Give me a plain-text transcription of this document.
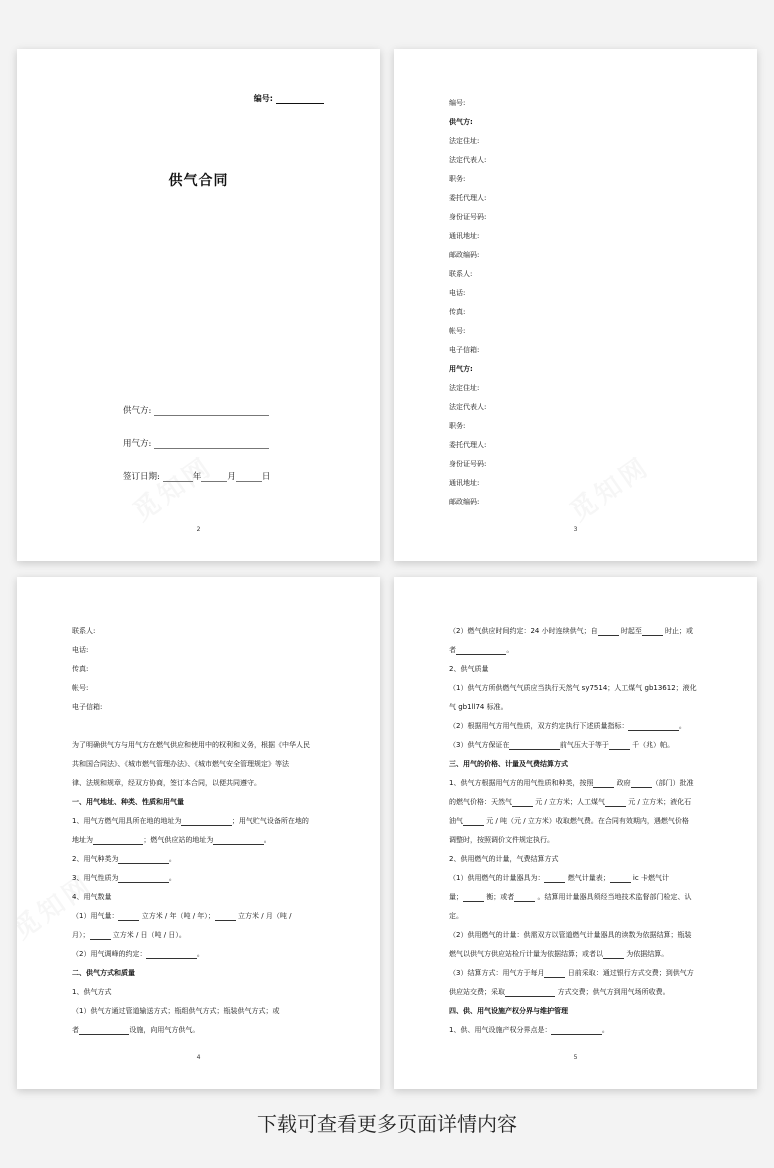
编号:
供气合同
供气方:
用气方:
签订日期:	年	月	日
2
编号:
供气方:
法定住址:
法定代表人:
职务:
委托代理人:
身份证号码:
通讯地址:
邮政编码:
联系人:
电话:
传真:
帐号:
电子信箱:
用气方:
法定住址:
法定代表人:
职务:
委托代理人:
身份证号码:
通讯地址:
邮政编码:
3
联系人:
电话:
传真:
帐号:
电子信箱:
为了明确供气方与用气方在燃气供应和使用中的权利和义务，根据《中华人民
共和国合同法》、《城市燃气管理办法》、《城市燃气安全管理规定》等法
律、法规和规章，经双方协商，签订本合同，以便共同遵守。
一、用气地址、种类、性质和用气量
1、用气方燃气用具所在地的地址为	；用气贮气设备所在地的
地址为	；燃气供应站的地址为	。
2、用气种类为	。
3、用气性质为	。
4、用气数量
（1）用气量：	立方米 / 年（吨 / 年）；	立方米 / 月（吨 /
月）；	立方米 / 日（吨 / 日）。
（2）用气调峰的约定：	。
二、供气方式和质量
1、供气方式
（1）供气方通过管道输送方式；瓶组供气方式；瓶装供气方式；或
者	设施，向用气方供气。
4
（2）燃气供应时间约定：24 小时连续供气；自	时起至	时止；或
者	。
2、供气质量
（1）供气方所供燃气气质应当执行天然气 sy7514；人工煤气 gb13612；液化
气 gb1ll74 标准。
（2）根据用气方用气性质，双方约定执行下述质量指标：	。
（3）供气方保证在	前气压大于等于	千（兆）帕。
三、用气的价格、计量及气费结算方式
1、供气方根据用气方的用气性质和种类，按照	政府	（部门）批准
的燃气价格：天然气	元 / 立方米；人工煤气	元 / 立方米；液化石
油气	元 / 吨（元 / 立方米）收取燃气费。在合同有效期内，遇燃气价格
调整时，按照调价文件规定执行。
2、供用燃气的计量，气费结算方式
（1）供用燃气的计量器具为：	燃气计量表；	ic 卡燃气计
量；	衡；或者	。结算用计量器具须经当地技术监督部门检定、认
定。
（2）供用燃气的计量：供需双方以管道燃气计量器具的读数为依据结算；瓶装
燃气以供气方供应站检斤计量为依据结算；或者以	为依据结算。
（3）结算方式：用气方于每月	日前采取：通过银行方式交费；到供气方
供应站交费；采取	方式交费；供气方到用气场所收费。
四、供、用气设施产权分界与维护管理
1、供、用气设施产权分界点是：	。
5
下载可查看更多页面详情内容
